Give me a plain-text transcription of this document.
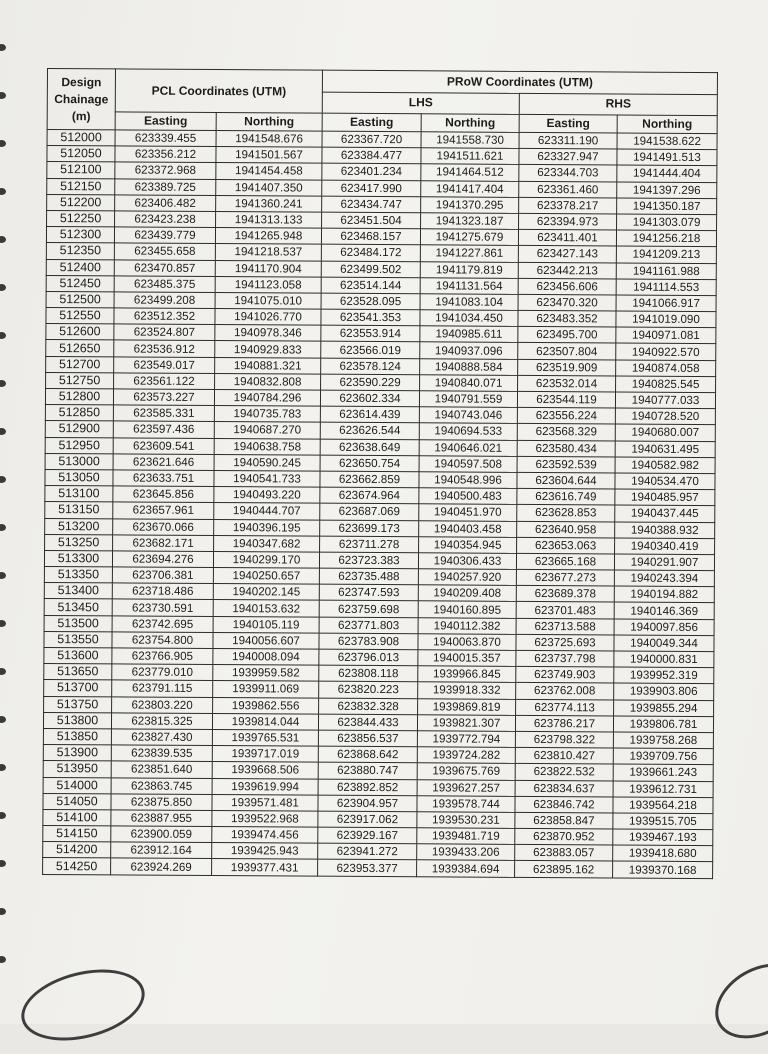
Design Chainage (m)	PCL Coordinates (UTM)		PRoW Coordinates (UTM)			
			LHS		RHS	
	Easting	Northing	Easting	Northing	Easting	Northing
512000	623339.455	1941548.676	623367.720	1941558.730	623311.190	1941538.622
512050	623356.212	1941501.567	623384.477	1941511.621	623327.947	1941491.513
512100	623372.968	1941454.458	623401.234	1941464.512	623344.703	1941444.404
512150	623389.725	1941407.350	623417.990	1941417.404	623361.460	1941397.296
512200	623406.482	1941360.241	623434.747	1941370.295	623378.217	1941350.187
512250	623423.238	1941313.133	623451.504	1941323.187	623394.973	1941303.079
512300	623439.779	1941265.948	623468.157	1941275.679	623411.401	1941256.218
512350	623455.658	1941218.537	623484.172	1941227.861	623427.143	1941209.213
512400	623470.857	1941170.904	623499.502	1941179.819	623442.213	1941161.988
512450	623485.375	1941123.058	623514.144	1941131.564	623456.606	1941114.553
512500	623499.208	1941075.010	623528.095	1941083.104	623470.320	1941066.917
512550	623512.352	1941026.770	623541.353	1941034.450	623483.352	1941019.090
512600	623524.807	1940978.346	623553.914	1940985.611	623495.700	1940971.081
512650	623536.912	1940929.833	623566.019	1940937.096	623507.804	1940922.570
512700	623549.017	1940881.321	623578.124	1940888.584	623519.909	1940874.058
512750	623561.122	1940832.808	623590.229	1940840.071	623532.014	1940825.545
512800	623573.227	1940784.296	623602.334	1940791.559	623544.119	1940777.033
512850	623585.331	1940735.783	623614.439	1940743.046	623556.224	1940728.520
512900	623597.436	1940687.270	623626.544	1940694.533	623568.329	1940680.007
512950	623609.541	1940638.758	623638.649	1940646.021	623580.434	1940631.495
513000	623621.646	1940590.245	623650.754	1940597.508	623592.539	1940582.982
513050	623633.751	1940541.733	623662.859	1940548.996	623604.644	1940534.470
513100	623645.856	1940493.220	623674.964	1940500.483	623616.749	1940485.957
513150	623657.961	1940444.707	623687.069	1940451.970	623628.853	1940437.445
513200	623670.066	1940396.195	623699.173	1940403.458	623640.958	1940388.932
513250	623682.171	1940347.682	623711.278	1940354.945	623653.063	1940340.419
513300	623694.276	1940299.170	623723.383	1940306.433	623665.168	1940291.907
513350	623706.381	1940250.657	623735.488	1940257.920	623677.273	1940243.394
513400	623718.486	1940202.145	623747.593	1940209.408	623689.378	1940194.882
513450	623730.591	1940153.632	623759.698	1940160.895	623701.483	1940146.369
513500	623742.695	1940105.119	623771.803	1940112.382	623713.588	1940097.856
513550	623754.800	1940056.607	623783.908	1940063.870	623725.693	1940049.344
513600	623766.905	1940008.094	623796.013	1940015.357	623737.798	1940000.831
513650	623779.010	1939959.582	623808.118	1939966.845	623749.903	1939952.319
513700	623791.115	1939911.069	623820.223	1939918.332	623762.008	1939903.806
513750	623803.220	1939862.556	623832.328	1939869.819	623774.113	1939855.294
513800	623815.325	1939814.044	623844.433	1939821.307	623786.217	1939806.781
513850	623827.430	1939765.531	623856.537	1939772.794	623798.322	1939758.268
513900	623839.535	1939717.019	623868.642	1939724.282	623810.427	1939709.756
513950	623851.640	1939668.506	623880.747	1939675.769	623822.532	1939661.243
514000	623863.745	1939619.994	623892.852	1939627.257	623834.637	1939612.731
514050	623875.850	1939571.481	623904.957	1939578.744	623846.742	1939564.218
514100	623887.955	1939522.968	623917.062	1939530.231	623858.847	1939515.705
514150	623900.059	1939474.456	623929.167	1939481.719	623870.952	1939467.193
514200	623912.164	1939425.943	623941.272	1939433.206	623883.057	1939418.680
514250	623924.269	1939377.431	623953.377	1939384.694	623895.162	1939370.168
